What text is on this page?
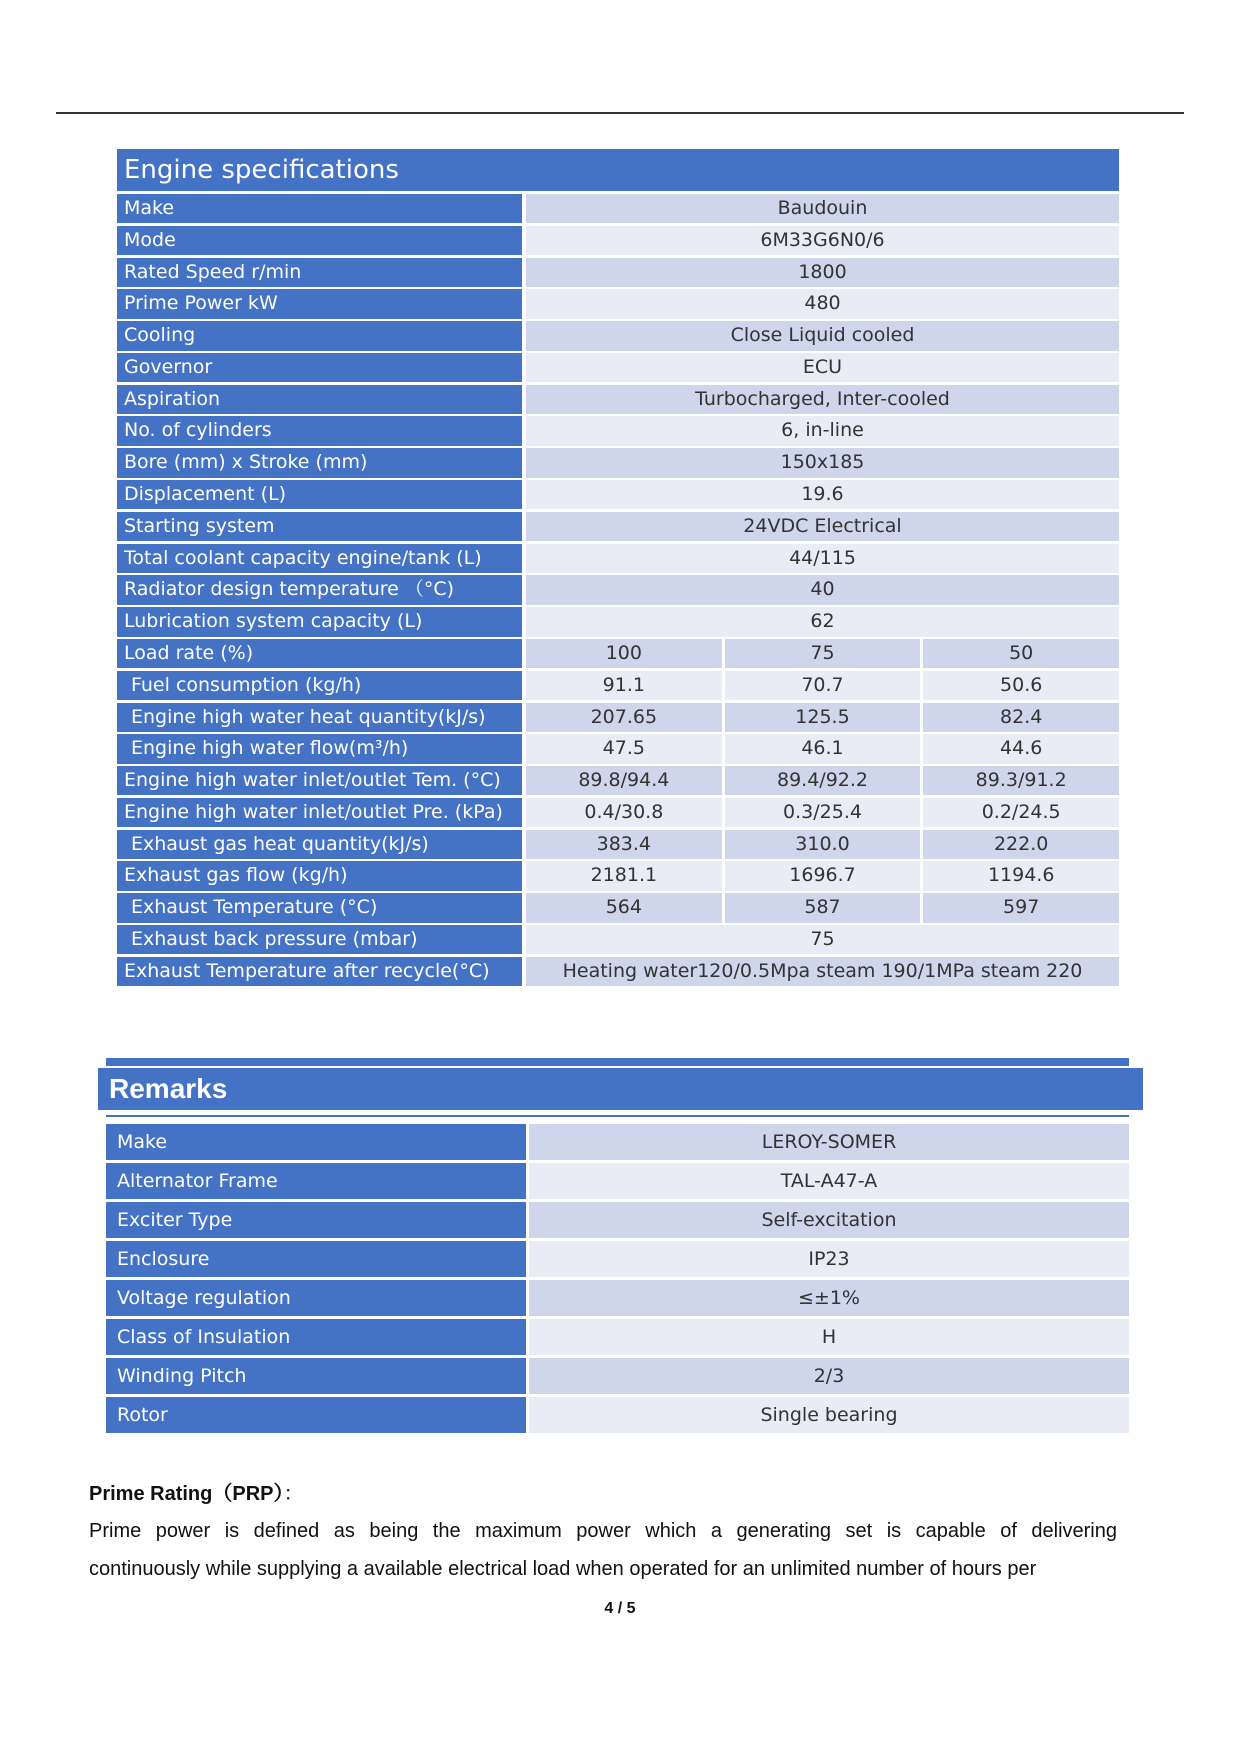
Engine specifications
Make	Baudouin
Mode	6M33G6N0/6
Rated Speed r/min	1800
Prime Power kW	480
Cooling	Close Liquid cooled
Governor	ECU
Aspiration	Turbocharged, Inter-cooled
No. of cylinders	6, in-line
Bore (mm) x Stroke (mm)	150x185
Displacement (L)	19.6
Starting system	24VDC Electrical
Total coolant capacity engine/tank (L)	44/115
Radiator design temperature （°C)	40
Lubrication system capacity (L)	62
Load rate (%)	100	75	50
Fuel consumption (kg/h)	91.1	70.7	50.6
Engine high water heat quantity(kJ/s)	207.65	125.5	82.4
Engine high water flow(m³/h)	47.5	46.1	44.6
Engine high water inlet/outlet Tem. (°C)	89.8/94.4	89.4/92.2	89.3/91.2
Engine high water inlet/outlet Pre. (kPa)	0.4/30.8	0.3/25.4	0.2/24.5
Exhaust gas heat quantity(kJ/s)	383.4	310.0	222.0
Exhaust gas flow (kg/h)	2181.1	1696.7	1194.6
Exhaust Temperature (°C)	564	587	597
Exhaust back pressure (mbar)	75
Exhaust Temperature after recycle(°C)	Heating water120/0.5Mpa steam 190/1MPa steam 220
Remarks
Make	LEROY-SOMER
Alternator Frame	TAL-A47-A
Exciter Type	Self-excitation
Enclosure	IP23
Voltage regulation	≤±1%
Class of Insulation	H
Winding Pitch	2/3
Rotor	Single bearing
Prime Rating（PRP）：
Prime power is defined as being the maximum power which a generating set is capable of delivering
continuously while supplying a available electrical load when operated for an unlimited number of hours per
4 / 5
